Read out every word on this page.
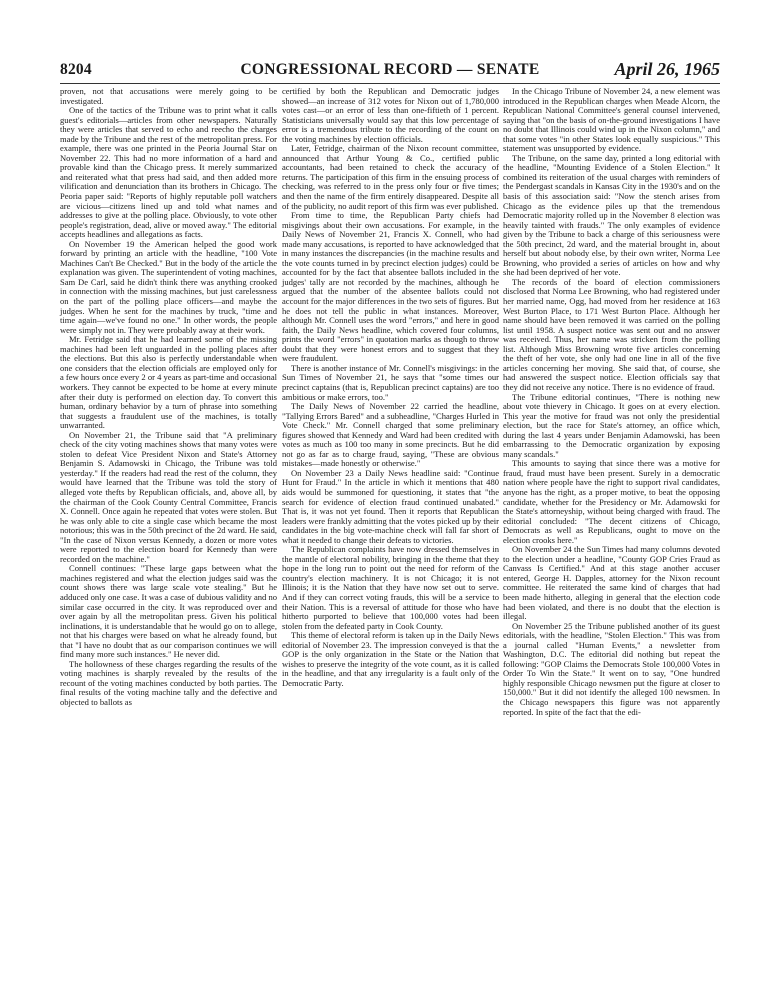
8204	CONGRESSIONAL RECORD — SENATE	April 26, 1965

proven, not that accusations were merely going to be investigated.

One of the tactics of the Tribune was to print what it calls guest's editorials—articles from other newspapers. Naturally they were articles that served to echo and reecho the charges made by the Tribune and the rest of the metropolitan press. For example, there was one printed in the Peoria Journal Star on November 22. This had no more information of a hard and provable kind than the Chicago press. It merely summarized and reiterated what that press had said, and then added more vilification and denunciation than its brothers in Chicago. The Peoria paper said: "Reports of highly reputable poll watchers are vicious—citizens lined up and told what names and addresses to give at the polling place. Obviously, to vote other people's registration, dead, alive or moved away." The editorial accepts headlines and allegations as facts.

On November 19 the American helped the good work forward by printing an article with the headline, "100 Vote Machines Can't Be Checked." But in the body of the article the explanation was given. The superintendent of voting machines, Sam De Carl, said he didn't think there was anything crooked in connection with the missing machines, but just carelessness on the part of the polling place officers—and maybe the judges. When he sent for the machines by truck, "time and time again—we've found no one." In other words, the people were simply not in. They were probably away at their work.

Mr. Fetridge said that he had learned some of the missing machines had been left unguarded in the polling places after the elections. But this also is perfectly understandable when one considers that the election officials are employed only for a few hours once every 2 or 4 years as part-time and occasional workers. They cannot be expected to be home at every minute after their duty is performed on election day. To convert this human, ordinary behavior by a turn of phrase into something that suggests a fraudulent use of the machines, is totally unwarranted.

On November 21, the Tribune said that "A preliminary check of the city voting machines shows that many votes were stolen to defeat Vice President Nixon and State's Attorney Benjamin S. Adamowski in Chicago, the Tribune was told yesterday." If the readers had read the rest of the column, they would have learned that the Tribune was told the story of alleged vote thefts by Republican officials, and, above all, by the chairman of the Cook County Central Committee, Francis X. Connell. Once again he repeated that votes were stolen. But he was only able to cite a single case which became the most notorious; this was in the 50th precinct of the 2d ward. He said, "In the case of Nixon versus Kennedy, a dozen or more votes were reported to the election board for Kennedy than were recorded on the machine."

Connell continues: "These large gaps between what the machines registered and what the election judges said was the count shows there was large scale vote stealing." But he adduced only one case. It was a case of dubious validity and no similar case occurred in the city. It was reproduced over and over again by all the metropolitan press. Given his political inclinations, it is understandable that he would go on to allege, not that his charges were based on what he already found, but that "I have no doubt that as our comparison continues we will find many more such instances." He never did.

The hollowness of these charges regarding the results of the voting machines is sharply revealed by the results of the recount of the voting machines conducted by both parties. The final results of the voting machine tally and the defective and objected to ballots as

certified by both the Republican and Democratic judges showed—an increase of 312 votes for Nixon out of 1,780,000 votes cast—or an error of less than one-fiftieth of 1 percent. Statisticians universally would say that this low percentage of error is a tremendous tribute to the recording of the count on the voting machines by election officials.

Later, Fetridge, chairman of the Nixon recount committee, announced that Arthur Young & Co., certified public accountants, had been retained to check the accuracy of returns. The participation of this firm in the ensuing process of checking, was referred to in the press only four or five times; and then the name of the firm entirely disappeared. Despite all of the publicity, no audit report of this firm was ever published.

From time to time, the Republican Party chiefs had misgivings about their own accusations. For example, in the Daily News of November 21, Francis X. Connell, who had made many accusations, is reported to have acknowledged that in many instances the discrepancies (in the machine results and the vote counts turned in by precinct election judges) could be accounted for by the fact that absentee ballots included in the judges' tally are not recorded by the machines, although he argued that the number of the absentee ballots could not account for the major differences in the two sets of figures. But he does not tell the public in what instances. Moreover, although Mr. Connell uses the word "errors," and here in good faith, the Daily News headline, which covered four columns, prints the word "errors" in quotation marks as though to throw doubt that they were honest errors and to suggest that they were fraudulent.

There is another instance of Mr. Connell's misgivings: in the Sun Times of November 21, he says that "some times our precinct captains (that is, Republican precinct captains) are too ambitious or make errors, too."

The Daily News of November 22 carried the headline, "Tallying Errors Bared" and a subheadline, "Charges Hurled in Vote Check." Mr. Connell charged that some preliminary figures showed that Kennedy and Ward had been credited with votes as much as 100 too many in some precincts. But he did not go as far as to charge fraud, saying, "These are obvious mistakes—made honestly or otherwise."

On November 23 a Daily News headline said: "Continue Hunt for Fraud." In the article in which it mentions that 480 aids would be summoned for questioning, it states that "the search for evidence of election fraud continued unabated." That is, it was not yet found. Then it reports that Republican leaders were frankly admitting that the votes picked up by their candidates in the big vote-machine check will fall far short of what it needed to change their defeats to victories.

The Republican complaints have now dressed themselves in the mantle of electoral nobility, bringing in the theme that they hope in the long run to point out the need for reform of the country's election machinery. It is not Chicago; it is not Illinois; it is the Nation that they have now set out to serve. And if they can correct voting frauds, this will be a service to their Nation. This is a reversal of attitude for those who have hitherto purported to believe that 100,000 votes had been stolen from the defeated party in Cook County.

This theme of electoral reform is taken up in the Daily News editorial of November 23. The impression conveyed is that the GOP is the only organization in the State or the Nation that wishes to preserve the integrity of the vote count, as it is called in the headline, and that any irregularity is a fault only of the Democratic Party.

In the Chicago Tribune of November 24, a new element was introduced in the Republican charges when Meade Alcorn, the Republican National Committee's general counsel intervened, saying that "on the basis of on-the-ground investigations I have no doubt that Illinois could wind up in the Nixon column," and that some votes "in other States look equally suspicious." This statement was unsupported by evidence.

The Tribune, on the same day, printed a long editorial with the headline, "Mounting Evidence of a Stolen Election." It combined its reiteration of the usual charges with reminders of the Pendergast scandals in Kansas City in the 1930's and on the basis of this association said: "Now the stench arises from Chicago as the evidence piles up that the tremendous Democratic majority rolled up in the November 8 election was heavily tainted with frauds." The only examples of evidence given by the Tribune to back a charge of this seriousness were the 50th precinct, 2d ward, and the material brought in, about herself but about nobody else, by their own writer, Norma Lee Browning, who provided a series of articles on how and why she had been deprived of her vote.

The records of the board of election commissioners disclosed that Norma Lee Browning, who had registered under her married name, Ogg, had moved from her residence at 163 West Burton Place, to 171 West Burton Place. Although her name should have been removed it was carried on the polling list until 1958. A suspect notice was sent out and no answer was received. Thus, her name was stricken from the polling list. Although Miss Browning wrote five articles concerning the theft of her vote, she only had one line in all of the five articles concerning her moving. She said that, of course, she had answered the suspect notice. Election officials say that they did not receive any notice. There is no evidence of fraud.

The Tribune editorial continues, "There is nothing new about vote thievery in Chicago. It goes on at every election. This year the motive for fraud was not only the presidential election, but the race for State's attorney, an office which, during the last 4 years under Benjamin Adamowski, has been embarrassing to the Democratic organization by exposing many scandals."

This amounts to saying that since there was a motive for fraud, fraud must have been present. Surely in a democratic nation where people have the right to support rival candidates, anyone has the right, as a proper motive, to beat the opposing candidate, whether for the Presidency or Mr. Adamowski for the State's attorneyship, without being charged with fraud. The editorial concluded: "The decent citizens of Chicago, Democrats as well as Republicans, ought to move on the election crooks here."

On November 24 the Sun Times had many columns devoted to the election under a headline, "County GOP Cries Fraud as Canvass Is Certified." And at this stage another accuser entered, George H. Dapples, attorney for the Nixon recount committee. He reiterated the same kind of charges that had been made hitherto, alleging in general that the election code had been violated, and there is no doubt that the election is illegal.

On November 25 the Tribune published another of its guest editorials, with the headline, "Stolen Election." This was from a journal called "Human Events," a newsletter from Washington, D.C. The editorial did nothing but repeat the following: "GOP Claims the Democrats Stole 100,000 Votes in Order To Win the State." It went on to say, "One hundred highly responsible Chicago newsmen put the figure at closer to 150,000." But it did not identify the alleged 100 newsmen. In the Chicago newspapers this figure was not apparently reported. In spite of the fact that the edi-
